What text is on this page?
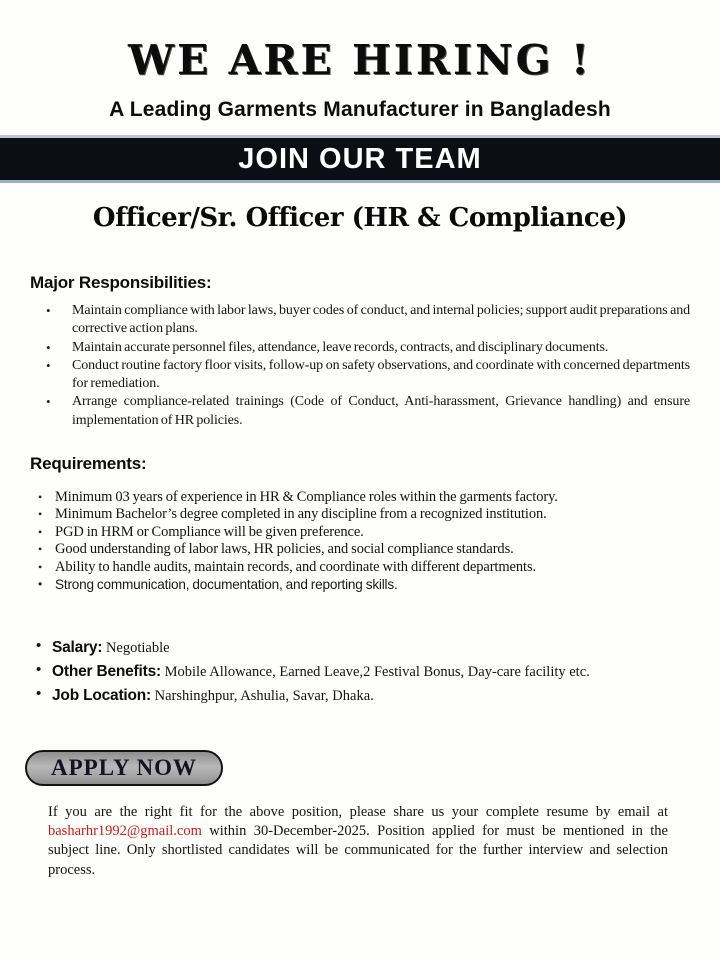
WE ARE HIRING !
A Leading Garments Manufacturer in Bangladesh
JOIN OUR TEAM
Officer/Sr. Officer (HR & Compliance)
Major Responsibilities:
• Maintain compliance with labor laws, buyer codes of conduct, and internal policies; support audit preparations and corrective action plans.
• Maintain accurate personnel files, attendance, leave records, contracts, and disciplinary documents.
• Conduct routine factory floor visits, follow-up on safety observations, and coordinate with concerned departments for remediation.
• Arrange compliance-related trainings (Code of Conduct, Anti-harassment, Grievance handling) and ensure implementation of HR policies.
Requirements:
• Minimum 03 years of experience in HR & Compliance roles within the garments factory.
• Minimum Bachelor’s degree completed in any discipline from a recognized institution.
• PGD in HRM or Compliance will be given preference.
• Good understanding of labor laws, HR policies, and social compliance standards.
• Ability to handle audits, maintain records, and coordinate with different departments.
• Strong communication, documentation, and reporting skills.
• Salary: Negotiable
• Other Benefits: Mobile Allowance, Earned Leave,2 Festival Bonus, Day-care facility etc.
• Job Location: Narshinghpur, Ashulia, Savar, Dhaka.
APPLY NOW

If you are the right fit for the above position, please share us your complete resume by email at basharhr1992@gmail.com within 30-December-2025. Position applied for must be mentioned in the subject line. Only shortlisted candidates will be communicated for the further interview and selection process.
